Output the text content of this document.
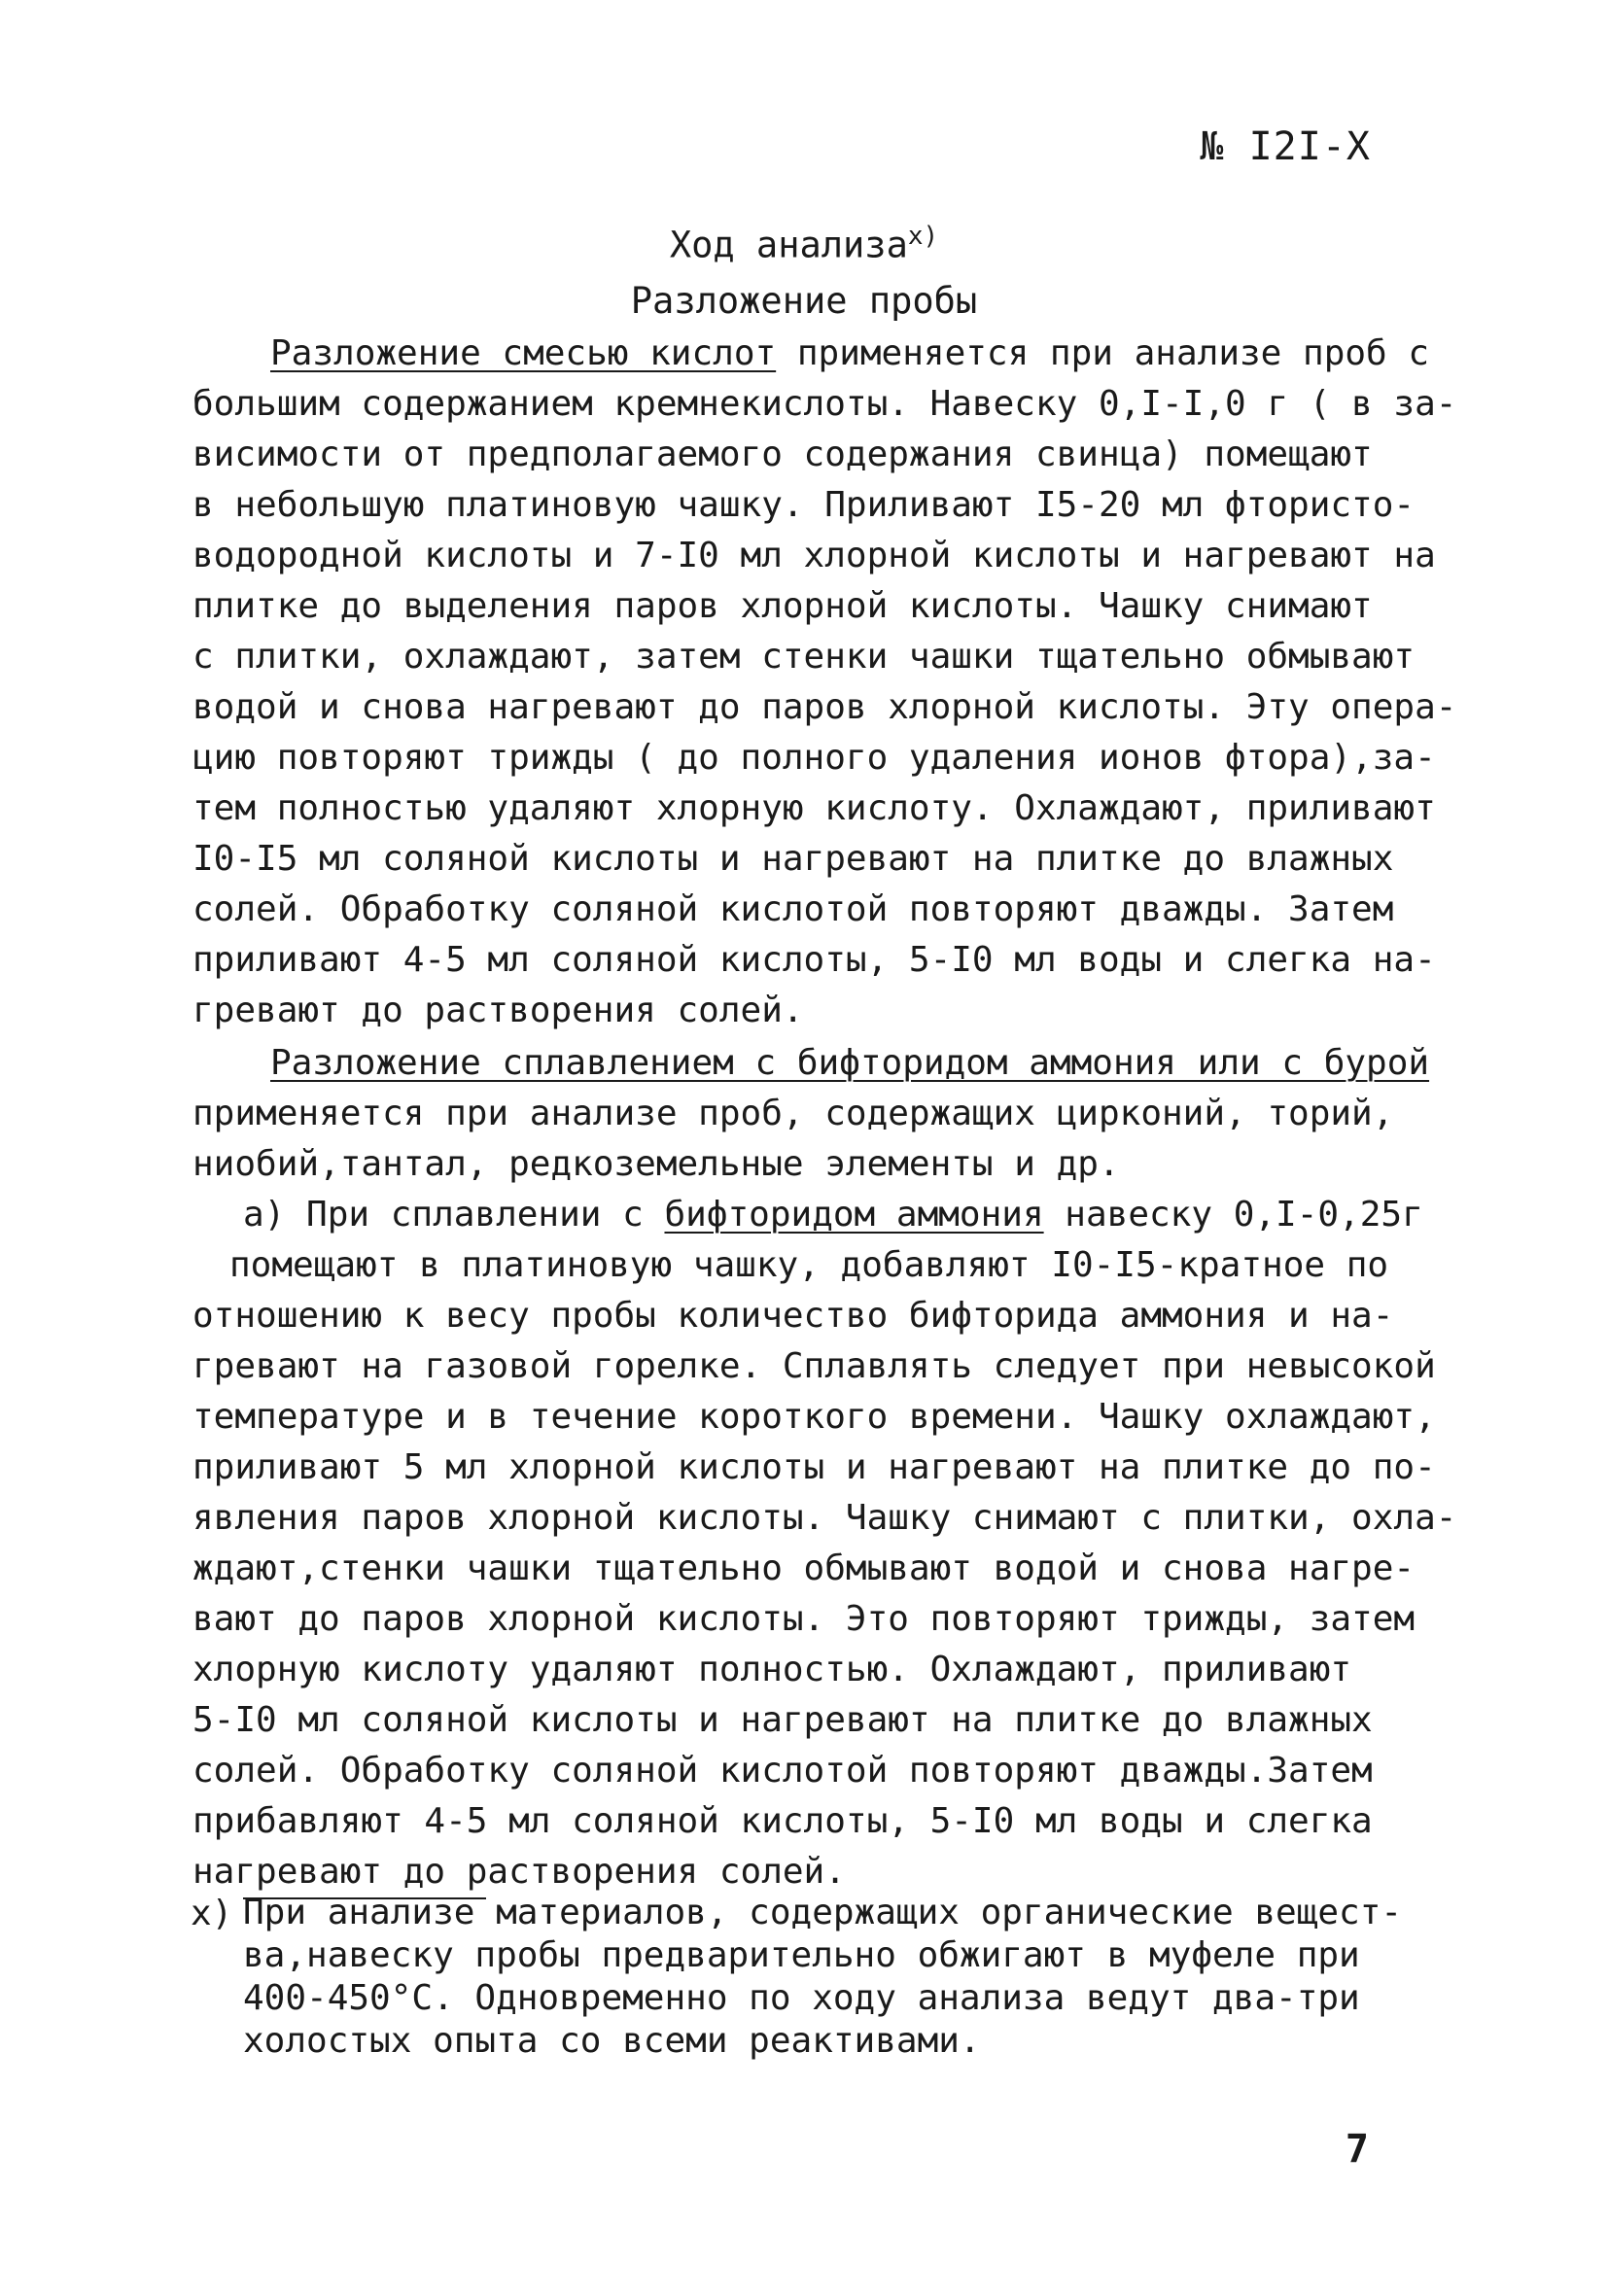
№ I2I-X
Ход анализа$^{x)}$
Разложение пробы
Разложение смесью кислот применяется при анализе проб с
большим содержанием кремнекислоты. Навеску 0,I-I,0 г ( в за-
висимости от предполагаемого содержания свинца) помещают
в небольшую платиновую чашку. Приливают I5-20 мл фтористо-
водородной кислоты и 7-I0 мл хлорной кислоты и нагревают на
плитке до выделения паров хлорной кислоты. Чашку снимают
с плитки, охлаждают, затем стенки чашки тщательно обмывают
водой и снова нагревают до паров хлорной кислоты. Эту опера-
цию повторяют трижды ( до полного удаления ионов фтора),за-
тем полностью удаляют хлорную кислоту. Охлаждают, приливают
I0-I5 мл соляной кислоты и нагревают на плитке до влажных
солей. Обработку соляной кислотой повторяют дважды. Затем
приливают 4-5 мл соляной кислоты, 5-I0 мл воды и слегка на-
гревают до растворения солей.
Разложение сплавлением с бифторидом аммония или с бурой
применяется при анализе проб, содержащих цирконий, торий,
ниобий,тантал, редкоземельные элементы и др.
а) При сплавлении с бифторидом аммония навеску 0,I-0,25г
помещают в платиновую чашку, добавляют I0-I5-кратное по
отношению к весу пробы количество бифторида аммония и на-
гревают на газовой горелке. Сплавлять следует при невысокой
температуре и в течение короткого времени. Чашку охлаждают,
приливают 5 мл хлорной кислоты и нагревают на плитке до по-
явления паров хлорной кислоты. Чашку снимают с плитки, охла-
ждают,стенки чашки тщательно обмывают водой и снова нагре-
вают до паров хлорной кислоты. Это повторяют трижды, затем
хлорную кислоту удаляют полностью. Охлаждают, приливают
5-I0 мл соляной кислоты и нагревают на плитке до влажных
солей. Обработку соляной кислотой повторяют дважды.Затем
прибавляют 4-5 мл соляной кислоты, 5-I0 мл воды и слегка
нагревают до растворения солей.
x) При анализе материалов, содержащих органические вещест-
ва,навеску пробы предварительно обжигают в муфеле при
400-450°С. Одновременно по ходу анализа ведут два-три
холостых опыта со всеми реактивами.
7
